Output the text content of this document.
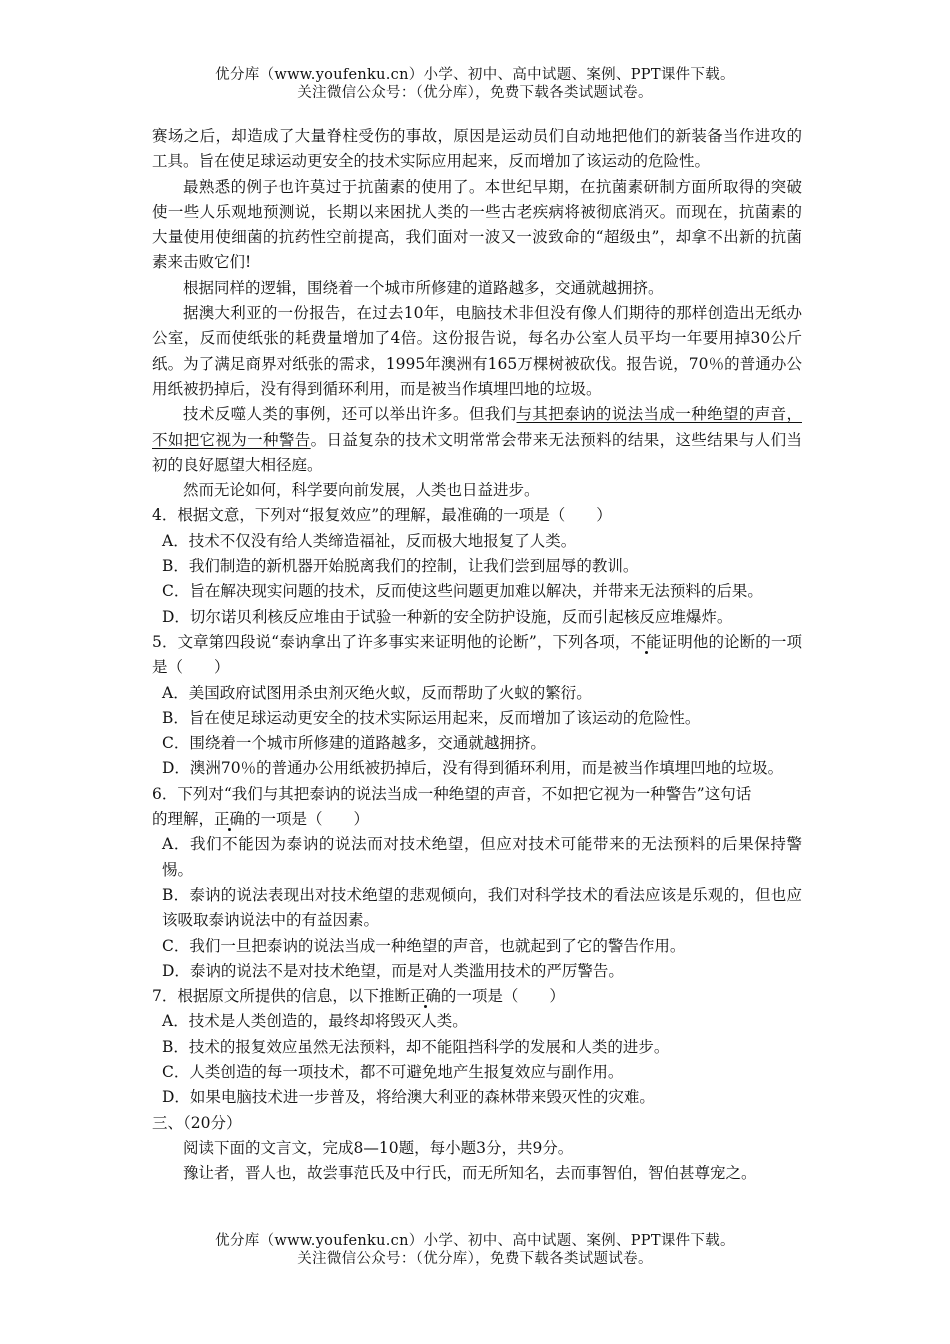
优分库（www.youfenku.cn）小学、初中、高中试题、案例、PPT课件下载。
关注微信公众号：（优分库），免费下载各类试题试卷。

赛场之后，却造成了大量脊柱受伤的事故，原因是运动员们自动地把他们的新装备当作进攻的工具。旨在使足球运动更安全的技术实际应用起来，反而增加了该运动的危险性。

最熟悉的例子也许莫过于抗菌素的使用了。本世纪早期，在抗菌素研制方面所取得的突破使一些人乐观地预测说，长期以来困扰人类的一些古老疾病将被彻底消灭。而现在，抗菌素的大量使用使细菌的抗药性空前提高，我们面对一波又一波致命的“超级虫”，却拿不出新的抗菌素来击败它们!

根据同样的逻辑，围绕着一个城市所修建的道路越多，交通就越拥挤。

据澳大利亚的一份报告，在过去10年，电脑技术非但没有像人们期待的那样创造出无纸办公室，反而使纸张的耗费量增加了4倍。这份报告说，每名办公室人员平均一年要用掉30公斤纸。为了满足商界对纸张的需求，1995年澳洲有165万棵树被砍伐。报告说，70％的普通办公用纸被扔掉后，没有得到循环利用，而是被当作填埋凹地的垃圾。

技术反噬人类的事例，还可以举出许多。但我们与其把泰讷的说法当成一种绝望的声音，不如把它视为一种警告。日益复杂的技术文明常常会带来无法预料的结果，这些结果与人们当初的良好愿望大相径庭。

然而无论如何，科学要向前发展，人类也日益进步。

4．根据文意，下列对“报复效应”的理解，最准确的一项是（　　）

A．技术不仅没有给人类缔造福祉，反而极大地报复了人类。

B．我们制造的新机器开始脱离我们的控制，让我们尝到屈辱的教训。

C．旨在解决现实问题的技术，反而使这些问题更加难以解决，并带来无法预料的后果。

D．切尔诺贝利核反应堆由于试验一种新的安全防护设施，反而引起核反应堆爆炸。

5．文章第四段说“泰讷拿出了许多事实来证明他的论断”，下列各项，不能证明他的论断的一项是（　　）

A．美国政府试图用杀虫剂灭绝火蚁，反而帮助了火蚁的繁衍。

B．旨在使足球运动更安全的技术实际运用起来，反而增加了该运动的危险性。

C．围绕着一个城市所修建的道路越多，交通就越拥挤。

D．澳洲70％的普通办公用纸被扔掉后，没有得到循环利用，而是被当作填埋凹地的垃圾。

6．下列对“我们与其把泰讷的说法当成一种绝望的声音，不如把它视为一种警告”这句话

的理解，正确的一项是（　　）

A．我们不能因为泰讷的说法而对技术绝望，但应对技术可能带来的无法预料的后果保持警惕。

B．泰讷的说法表现出对技术绝望的悲观倾向，我们对科学技术的看法应该是乐观的，但也应该吸取泰讷说法中的有益因素。

C．我们一旦把泰讷的说法当成一种绝望的声音，也就起到了它的警告作用。

D．泰讷的说法不是对技术绝望，而是对人类滥用技术的严厉警告。

7．根据原文所提供的信息，以下推断正确的一项是（　　）

A．技术是人类创造的，最终却将毁灭人类。

B．技术的报复效应虽然无法预料，却不能阻挡科学的发展和人类的进步。

C．人类创造的每一项技术，都不可避免地产生报复效应与副作用。

D．如果电脑技术进一步普及，将给澳大利亚的森林带来毁灭性的灾难。

三、（20分）

阅读下面的文言文，完成8—10题，每小题3分，共9分。

豫让者，晋人也，故尝事范氏及中行氏，而无所知名，去而事智伯，智伯甚尊宠之。

优分库（www.youfenku.cn）小学、初中、高中试题、案例、PPT课件下载。
关注微信公众号：（优分库），免费下载各类试题试卷。
